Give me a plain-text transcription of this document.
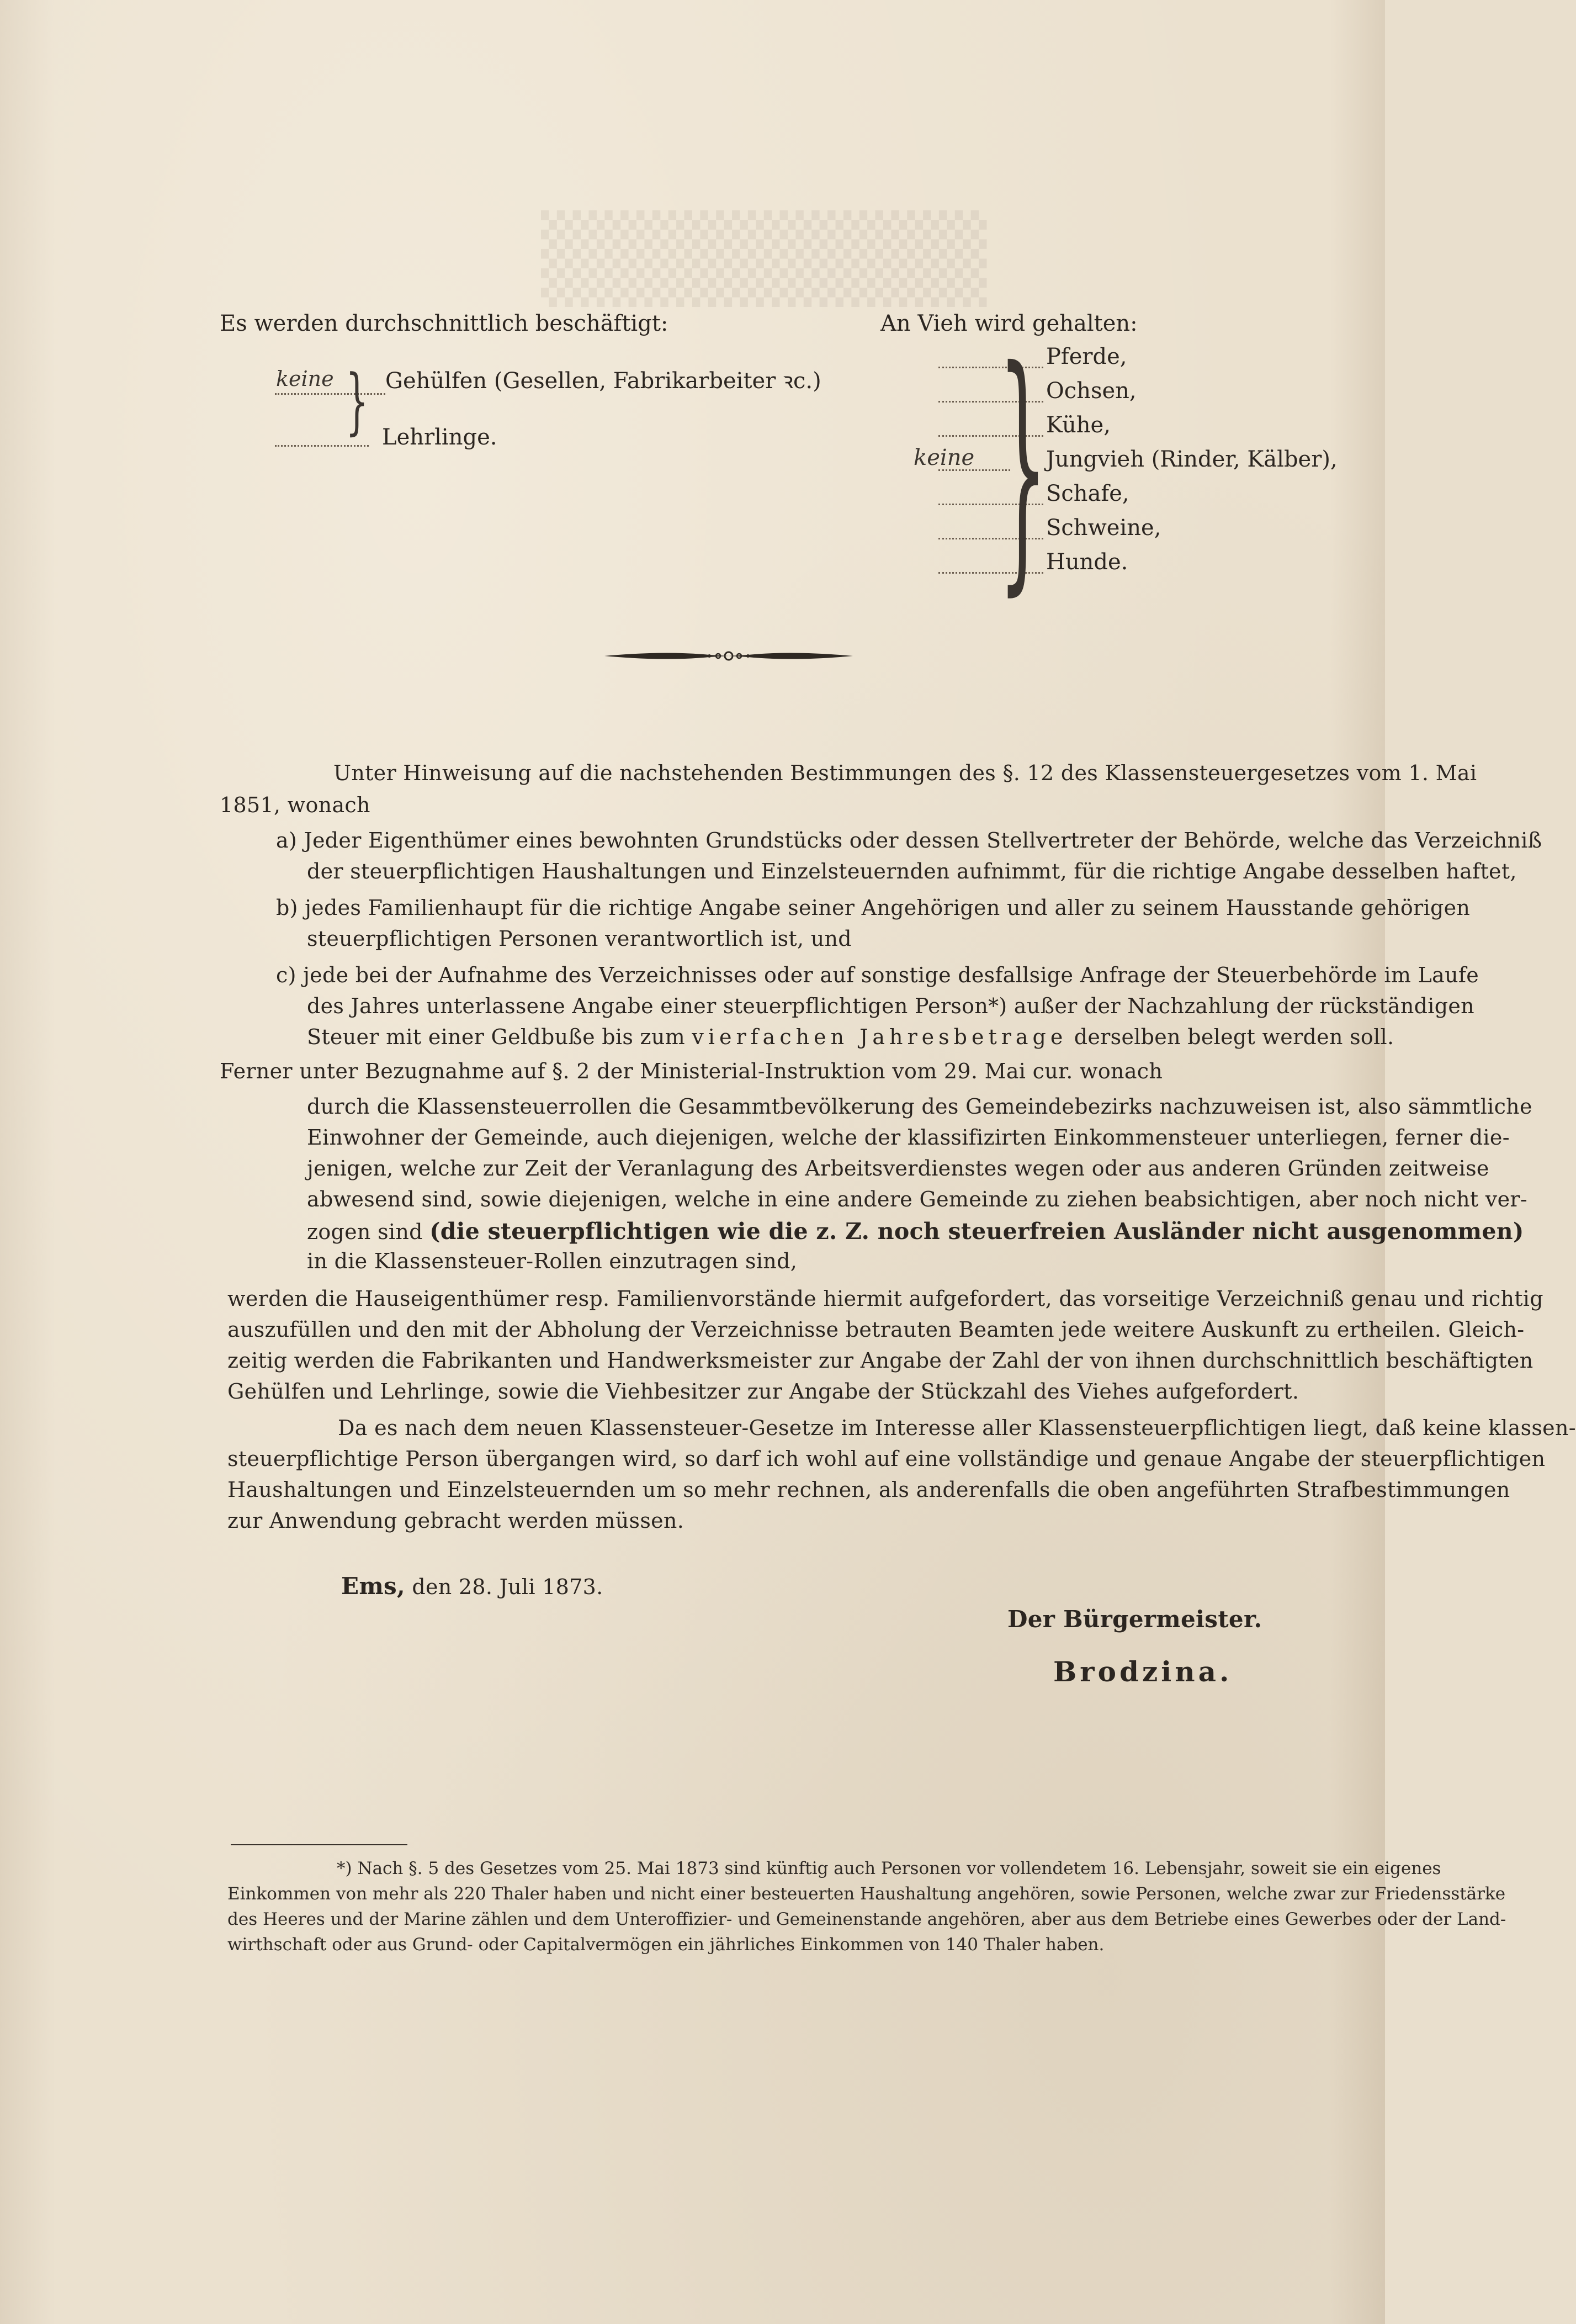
▒▒▒▒▒▒▒
Es werden durchschnittlich beschäftigt:
keine } Gehülfen (Gesellen, Fabrikarbeiter ꝛc.)
Lehrlinge.
An Vieh wird gehalten:
Pferde,
Ochsen,
Kühe,
keine	Jungvieh (Rinder, Kälber),
Schafe,
Schweine,
Hunde.
}
Unter Hinweisung auf die nachstehenden Bestimmungen des §. 12 des Klassensteuergesetzes vom 1. Mai
1851, wonach
a) Jeder Eigenthümer eines bewohnten Grundstücks oder dessen Stellvertreter der Behörde, welche das Verzeichniß
der steuerpflichtigen Haushaltungen und Einzelsteuernden aufnimmt, für die richtige Angabe desselben haftet,
b) jedes Familienhaupt für die richtige Angabe seiner Angehörigen und aller zu seinem Hausstande gehörigen
steuerpflichtigen Personen verantwortlich ist, und
c) jede bei der Aufnahme des Verzeichnisses oder auf sonstige desfallsige Anfrage der Steuerbehörde im Laufe
des Jahres unterlassene Angabe einer steuerpflichtigen Person*) außer der Nachzahlung der rückständigen
Steuer mit einer Geldbuße bis zum vierfachen Jahresbetrage derselben belegt werden soll.
Ferner unter Bezugnahme auf §. 2 der Ministerial-Instruktion vom 29. Mai cur. wonach
durch die Klassensteuerrollen die Gesammtbevölkerung des Gemeindebezirks nachzuweisen ist, also sämmtliche
Einwohner der Gemeinde, auch diejenigen, welche der klassifizirten Einkommensteuer unterliegen, ferner die-
jenigen, welche zur Zeit der Veranlagung des Arbeitsverdienstes wegen oder aus anderen Gründen zeitweise
abwesend sind, sowie diejenigen, welche in eine andere Gemeinde zu ziehen beabsichtigen, aber noch nicht ver-
zogen sind (die steuerpflichtigen wie die z. Z. noch steuerfreien Ausländer nicht ausgenommen)
in die Klassensteuer-Rollen einzutragen sind,
werden die Hauseigenthümer resp. Familienvorstände hiermit aufgefordert, das vorseitige Verzeichniß genau und richtig
auszufüllen und den mit der Abholung der Verzeichnisse betrauten Beamten jede weitere Auskunft zu ertheilen. Gleich-
zeitig werden die Fabrikanten und Handwerksmeister zur Angabe der Zahl der von ihnen durchschnittlich beschäftigten
Gehülfen und Lehrlinge, sowie die Viehbesitzer zur Angabe der Stückzahl des Viehes aufgefordert.
Da es nach dem neuen Klassensteuer-Gesetze im Interesse aller Klassensteuerpflichtigen liegt, daß keine klassen-
steuerpflichtige Person übergangen wird, so darf ich wohl auf eine vollständige und genaue Angabe der steuerpflichtigen
Haushaltungen und Einzelsteuernden um so mehr rechnen, als anderenfalls die oben angeführten Strafbestimmungen
zur Anwendung gebracht werden müssen.
Ems, den 28. Juli 1873.
Der Bürgermeister.
Brodzina.
*) Nach §. 5 des Gesetzes vom 25. Mai 1873 sind künftig auch Personen vor vollendetem 16. Lebensjahr, soweit sie ein eigenes
Einkommen von mehr als 220 Thaler haben und nicht einer besteuerten Haushaltung angehören, sowie Personen, welche zwar zur Friedensstärke
des Heeres und der Marine zählen und dem Unteroffizier- und Gemeinenstande angehören, aber aus dem Betriebe eines Gewerbes oder der Land-
wirthschaft oder aus Grund- oder Capitalvermögen ein jährliches Einkommen von 140 Thaler haben.
